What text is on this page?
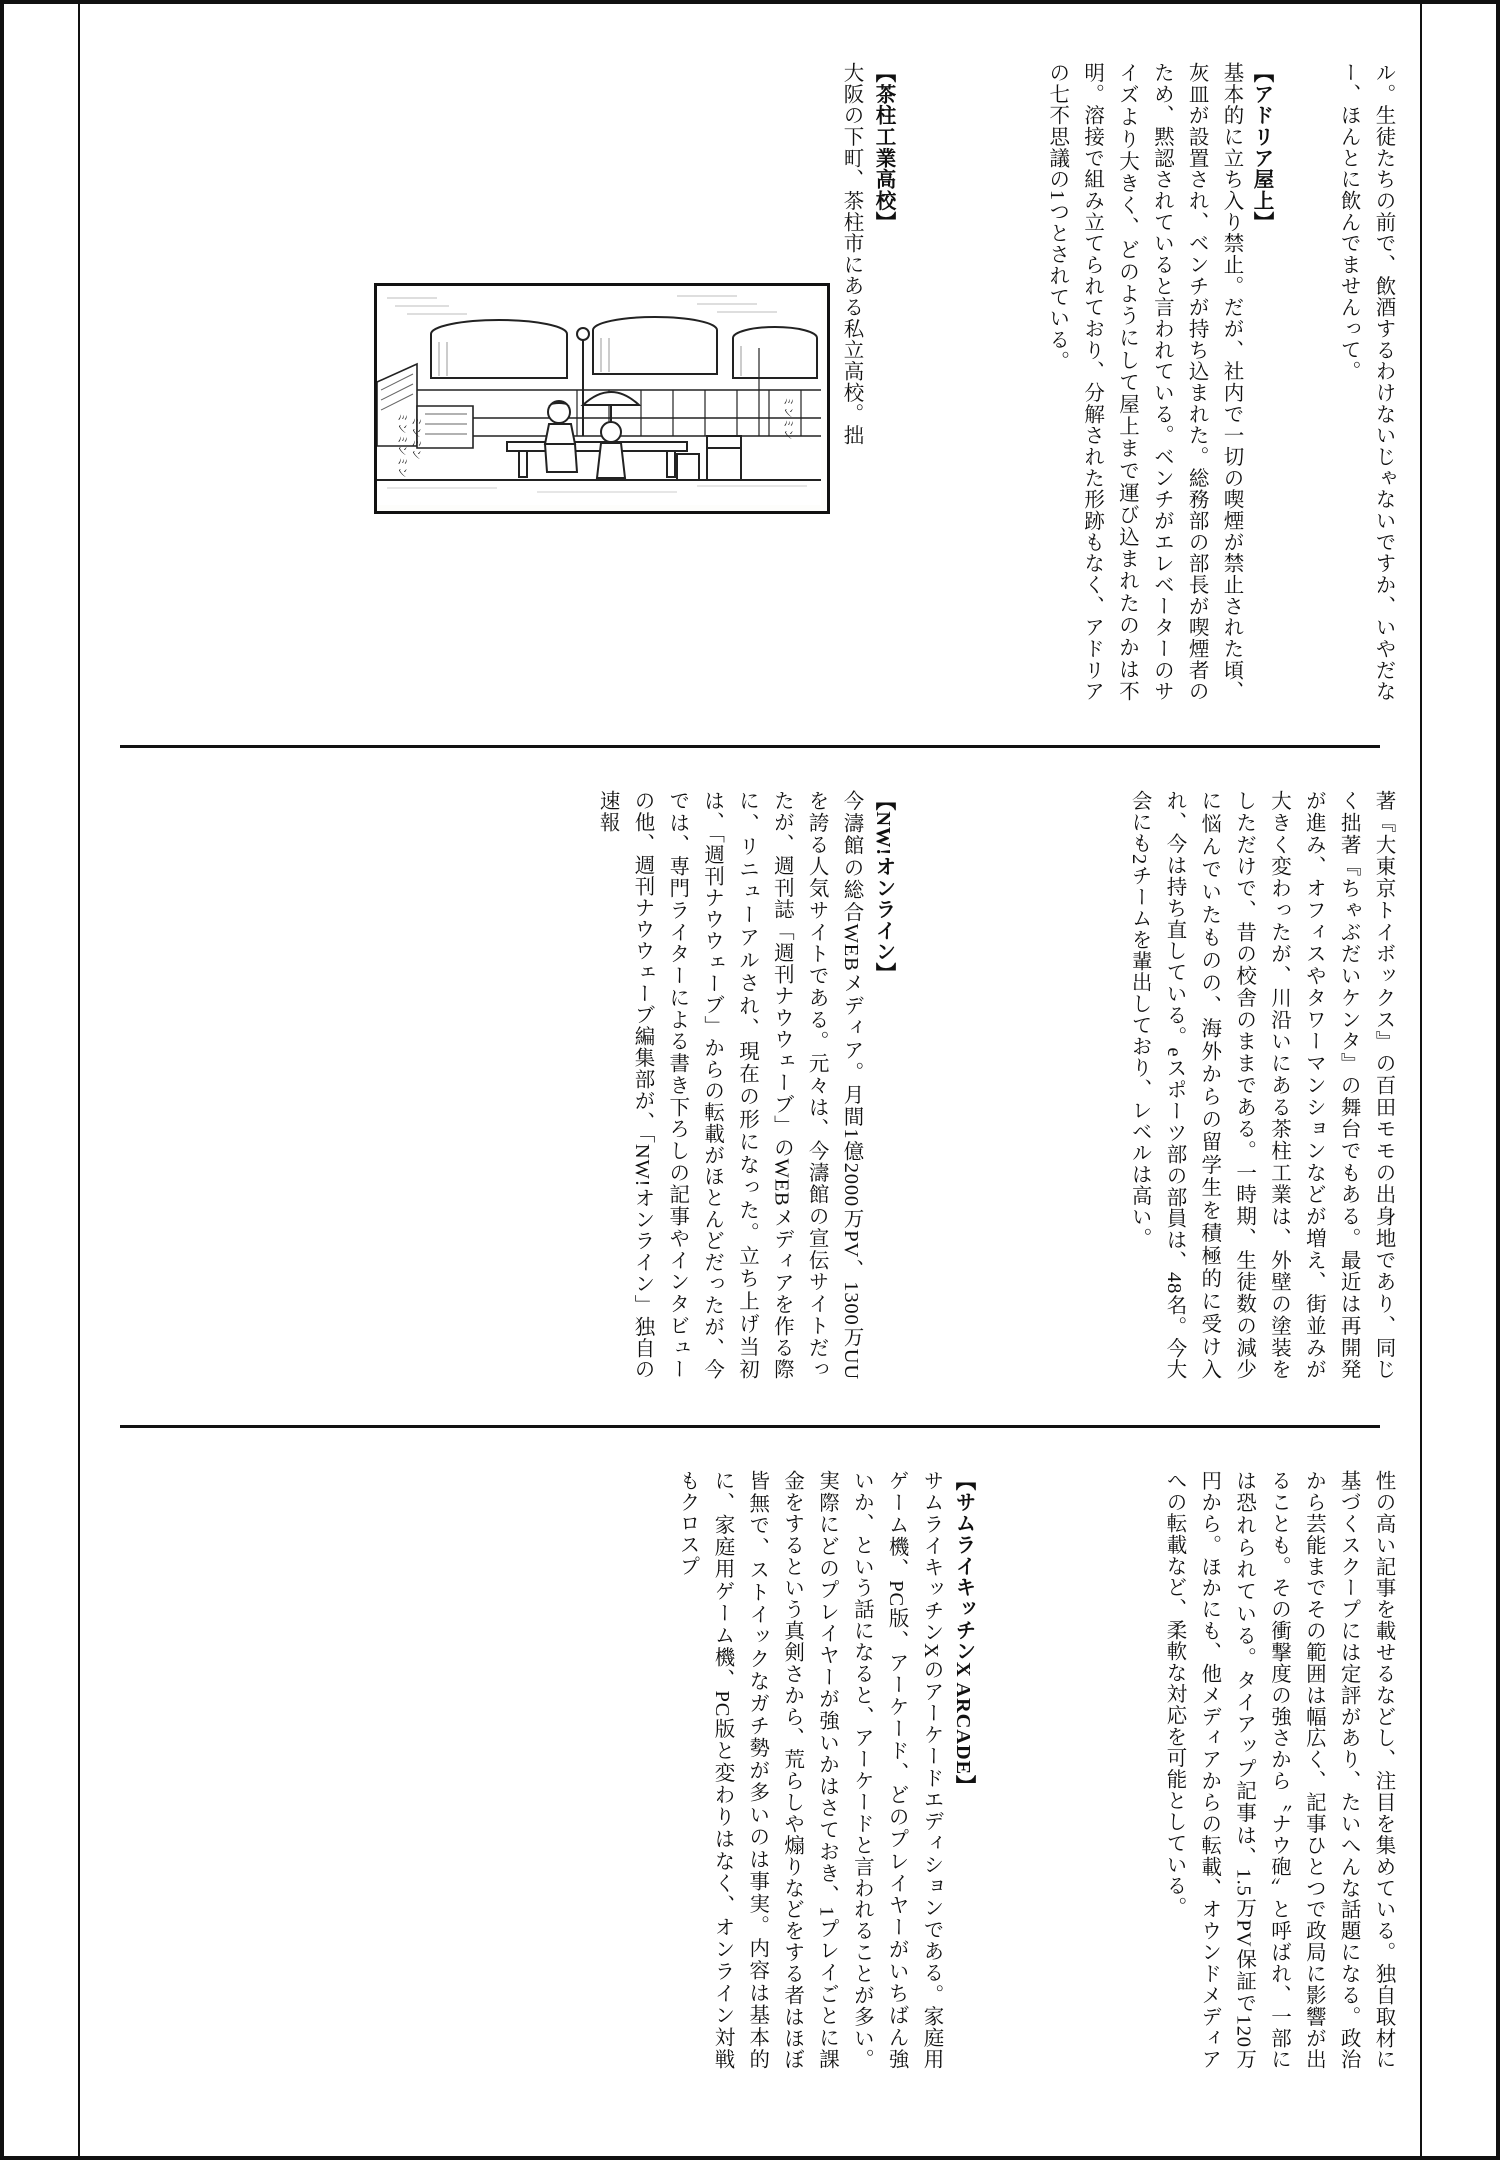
ル。生徒たちの前で、飲酒するわけないじゃないですか、いやだなー、ほんとに飲んでませんって。
【アドリア屋上】
基本的に立ち入り禁止。だが、社内で一切の喫煙が禁止された頃、灰皿が設置され、ベンチが持ち込まれた。総務部の部長が喫煙者のため、黙認されていると言われている。ベンチがエレベーターのサイズより大きく、どのようにして屋上まで運び込まれたのかは不明。溶接で組み立てられており、分解された形跡もなく、アドリアの七不思議の1つとされている。
【茶柱工業高校】
大阪の下町、茶柱市にある私立高校。拙
ミンミンミン ミンミン	ミンミン
著『大東京トイボックス』の百田モモの出身地であり、同じく拙著『ちゃぶだいケンタ』の舞台でもある。最近は再開発が進み、オフィスやタワーマンションなどが増え、街並みが大きく変わったが、川沿いにある茶柱工業は、外壁の塗装をしただけで、昔の校舎のままである。一時期、生徒数の減少に悩んでいたものの、海外からの留学生を積極的に受け入れ、今は持ち直している。eスポーツ部の部員は、48名。今大会にも2チームを輩出しており、レベルは高い。
【NW!オンライン】
今濤館の総合WEBメディア。月間1億2000万PV、1300万UUを誇る人気サイトである。元々は、今濤館の宣伝サイトだったが、週刊誌「週刊ナウウェーブ」のWEBメディアを作る際に、リニューアルされ、現在の形になった。立ち上げ当初は、「週刊ナウウェーブ」からの転載がほとんどだったが、今では、専門ライターによる書き下ろしの記事やインタビューの他、週刊ナウウェーブ編集部が、「NW!オンライン」独自の速報
性の高い記事を載せるなどし、注目を集めている。独自取材に基づくスクープには定評があり、たいへんな話題になる。政治から芸能までその範囲は幅広く、記事ひとつで政局に影響が出ることも。その衝撃度の強さから〝ナウ砲〟と呼ばれ、一部には恐れられている。タイアップ記事は、1.5万PV保証で120万円から。ほかにも、他メディアからの転載、オウンドメディアへの転載など、柔軟な対応を可能としている。
【サムライキッチンX ARCADE】
サムライキッチンXのアーケードエディションである。家庭用ゲーム機、PC版、アーケード、どのプレイヤーがいちばん強いか、という話になると、アーケードと言われることが多い。実際にどのプレイヤーが強いかはさておき、1プレイごとに課金をするという真剣さから、荒らしや煽りなどをする者はほぼ皆無で、ストイックなガチ勢が多いのは事実。内容は基本的に、家庭用ゲーム機、PC版と変わりはなく、オンライン対戦もクロスプ
